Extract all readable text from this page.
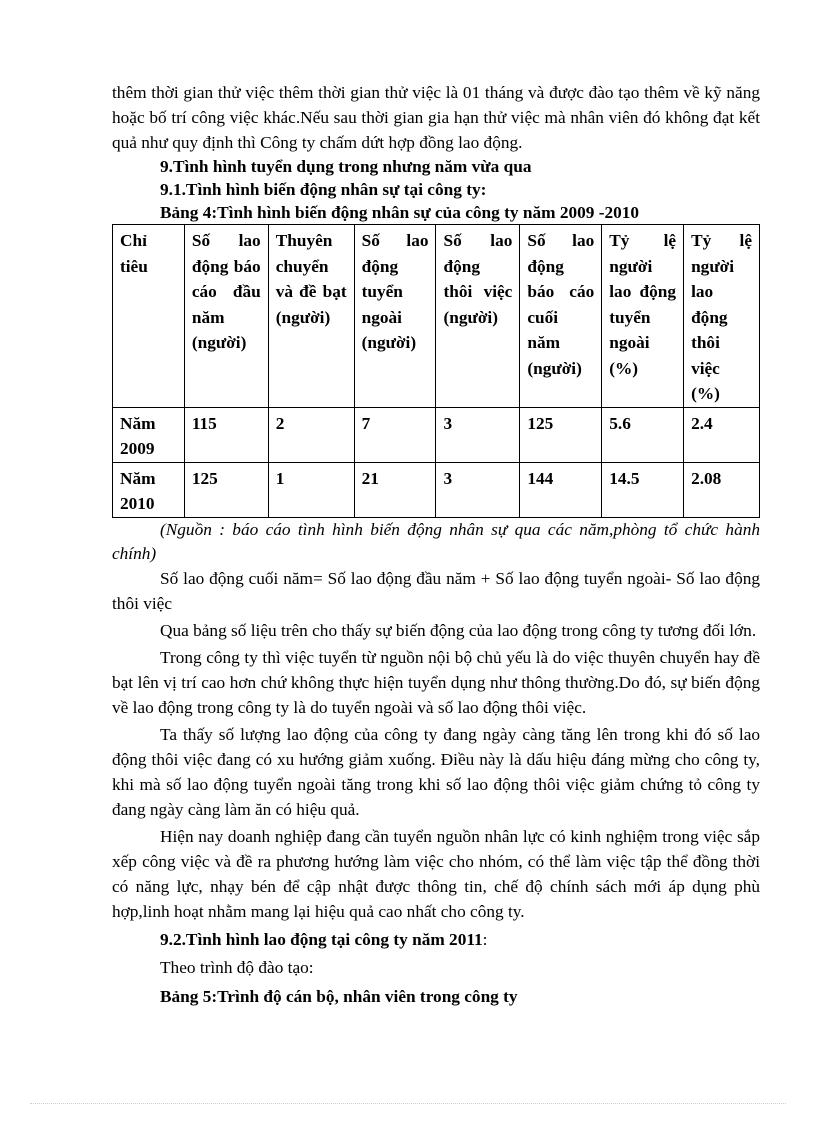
thêm thời gian thử việc thêm thời gian thử việc là 01 tháng và được đào tạo thêm về kỹ năng hoặc bố trí công việc khác.Nếu sau thời gian gia hạn thử việc mà nhân viên đó không đạt kết quả như quy định thì Công ty chấm dứt hợp đồng lao động.

9.Tình hình tuyển dụng trong nhưng năm vừa qua

9.1.Tình hình biến động nhân sự tại công ty:

Bảng 4:Tình hình biến động nhân sự của công ty năm 2009 -2010

Chỉ tiêu	Số lao động báo cáo đầu năm (người)	Thuyên chuyển và đề bạt (người)	Số lao động tuyển ngoài (người)	Số lao động thôi việc (người)	Số lao động báo cáo cuối năm (người)	Tỷ lệ người lao động tuyển ngoài (%)	Tỷ lệ người lao động thôi việc (%)
Năm 2009	115	2	7	3	125	5.6	2.4
Năm 2010	125	1	21	3	144	14.5	2.08

(Nguồn : báo cáo tình hình biến động nhân sự qua các năm,phòng tổ chức hành chính)

Số lao động cuối năm= Số lao động đầu năm + Số lao động tuyển ngoài- Số lao động thôi việc

Qua bảng số liệu trên cho thấy sự biến động của lao động trong công ty tương đối lớn.

Trong công ty thì việc tuyển từ nguồn nội bộ chủ yếu là do việc thuyên chuyển hay đề bạt lên vị trí cao hơn chứ không thực hiện tuyển dụng như thông thường.Do đó, sự biến động về lao động trong công ty là do tuyển ngoài và số lao động thôi việc.

Ta thấy số lượng lao động của công ty đang ngày càng tăng lên trong khi đó số lao động thôi việc đang có xu hướng giảm xuống. Điều này là dấu hiệu đáng mừng cho công ty, khi mà số lao động tuyển ngoài tăng trong khi số lao động thôi việc giảm chứng tỏ công ty đang ngày càng làm ăn có hiệu quả.

Hiện nay doanh nghiệp đang cần tuyển nguồn nhân lực có kinh nghiệm trong việc sắp xếp công việc và đề ra phương hướng làm việc cho nhóm, có thể làm việc tập thể đồng thời có năng lực, nhạy bén để cập nhật được thông tin, chế độ chính sách mới áp dụng phù hợp,linh hoạt nhằm mang lại hiệu quả cao nhất cho công ty.

9.2.Tình hình lao động tại công ty năm 2011:

Theo trình độ đào tạo:

Bảng 5:Trình độ cán bộ, nhân viên trong công ty
